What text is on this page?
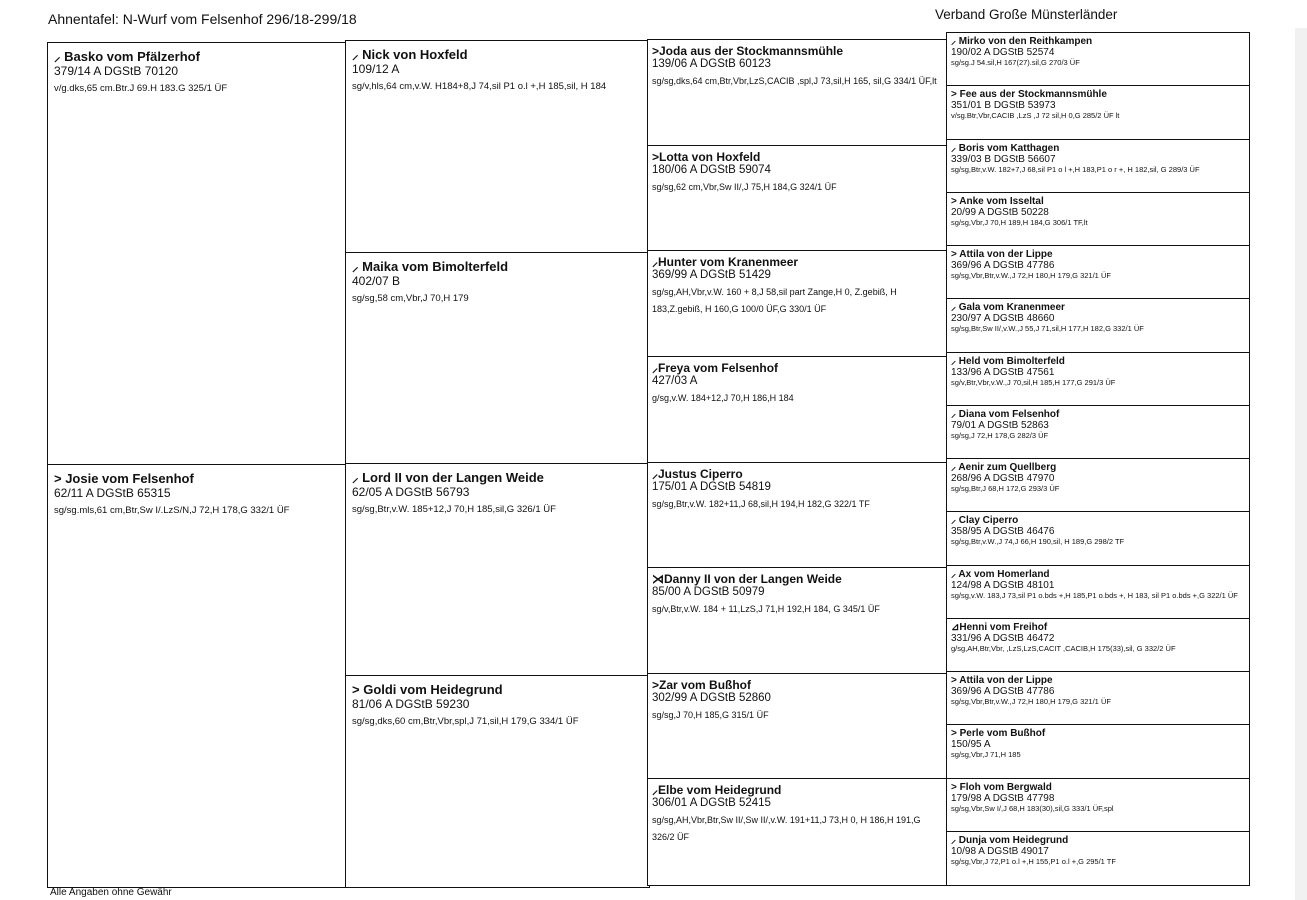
Ahnentafel: N-Wurf vom Felsenhof 296/18-299/18	Verband Große Münsterländer
⸝ Basko vom Pfälzerhof
379/14 A DGStB 70120
v/g.dks,65 cm.Btr.J 69.H 183.G 325/1 ÜF
> Josie vom Felsenhof
62/11 A DGStB 65315
sg/sg.mls,61 cm,Btr,Sw I/.LzS/N,J 72,H 178,G 332/1 ÜF
⸝ Nick von Hoxfeld
109/12 A
sg/v,hls,64 cm,v.W. H184+8,J 74,sil P1 o.l +,H 185,sil, H 184
⸝ Maika vom Bimolterfeld
402/07 B
sg/sg,58 cm,Vbr,J 70,H 179
⸝ Lord II von der Langen Weide
62/05 A DGStB 56793
sg/sg,Btr,v.W. 185+12,J 70,H 185,sil,G 326/1 ÜF
> Goldi vom Heidegrund
81/06 A DGStB 59230
sg/sg,dks,60 cm,Btr,Vbr,spl,J 71,sil,H 179,G 334/1 ÜF
>Joda aus der Stockmannsmühle
139/06 A DGStB 60123
sg/sg,dks,64 cm,Btr,Vbr,LzS,CACIB ,spl,J 73,sil,H 165, sil,G 334/1 ÜF,lt
>Lotta von Hoxfeld
180/06 A DGStB 59074
sg/sg,62 cm,Vbr,Sw II/,J 75,H 184,G 324/1 ÜF
⸝Hunter vom Kranenmeer
369/99 A DGStB 51429
sg/sg,AH,Vbr,v.W. 160 + 8,J 58,sil part Zange,H 0, Z.gebiß, H 183,Z.gebiß, H 160,G 100/0 ÜF,G 330/1 ÜF
⸝Freya vom Felsenhof
427/03 A
g/sg,v.W. 184+12,J 70,H 186,H 184
⸝Justus Ciperro
175/01 A DGStB 54819
sg/sg,Btr,v.W. 182+11,J 68,sil,H 194,H 182,G 322/1 TF
⋊Danny II von der Langen Weide
85/00 A DGStB 50979
sg/v,Btr,v.W. 184 + 11,LzS,J 71,H 192,H 184, G 345/1 ÜF
>Zar vom Bußhof
302/99 A DGStB 52860
sg/sg,J 70,H 185,G 315/1 ÜF
⸝Elbe vom Heidegrund
306/01 A DGStB 52415
sg/sg,AH,Vbr,Btr,Sw II/,Sw II/,v.W. 191+11,J 73,H 0, H 186,H 191,G 326/2 ÜF
⸝ Mirko von den Reithkampen
190/02 A DGStB 52574
sg/sg.J 54.sil,H 167(27).sil,G 270/3 ÜF
> Fee aus der Stockmannsmühle
351/01 B DGStB 53973
v/sg.Btr,Vbr,CACIB ,LzS ,J 72 sil,H 0,G 285/2 ÜF lt
⸝ Boris vom Katthagen
339/03 B DGStB 56607
sg/sg,Btr,v.W. 182+7,J 68,sil P1 o l +,H 183,P1 o r +, H 182,sil, G 289/3 ÜF
> Anke vom Isseltal
20/99 A DGStB 50228
sg/sg,Vbr,J 70,H 189,H 184,G 306/1 TF,lt
> Attila von der Lippe
369/96 A DGStB 47786
sg/sg,Vbr,Btr,v.W.,J 72,H 180,H 179,G 321/1 ÜF
⸝ Gala vom Kranenmeer
230/97 A DGStB 48660
sg/sg,Btr,Sw II/,v.W.,J 55,J 71,sil,H 177,H 182,G 332/1 ÜF
⸝ Held vom Bimolterfeld
133/96 A DGStB 47561
sg/v,Btr,Vbr,v.W.,J 70,sil,H 185,H 177,G 291/3 ÜF
⸝ Diana vom Felsenhof
79/01 A DGStB 52863
sg/sg,J 72,H 178,G 282/3 ÜF
⸝ Aenir zum Quellberg
268/96 A DGStB 47970
sg/sg,Btr,J 68,H 172,G 293/3 ÜF
⸝ Clay Ciperro
358/95 A DGStB 46476
sg/sg,Btr,v.W.,J 74,J 66,H 190,sil, H 189,G 298/2 TF
⸝ Ax vom Homerland
124/98 A DGStB 48101
sg/sg,v.W. 183,J 73,sil P1 o.bds +,H 185,P1 o.bds +, H 183, sil P1 o.bds +,G 322/1 ÜF
⊿Henni vom Freihof
331/96 A DGStB 46472
g/sg,AH,Btr,Vbr, ,LzS,LzS,CACIT ,CACIB,H 175(33),sil, G 332/2 ÜF
> Attila von der Lippe
369/96 A DGStB 47786
sg/sg,Vbr,Btr,v.W.,J 72,H 180,H 179,G 321/1 ÜF
> Perle vom Bußhof
150/95 A
sg/sg,Vbr,J 71,H 185
> Floh vom Bergwald
179/98 A DGStB 47798
sg/sg,Vbr,Sw I/,J 68,H 183(30),sil,G 333/1 ÜF,spl
⸝ Dunja vom Heidegrund
10/98 A DGStB 49017
sg/sg,Vbr,J 72,P1 o.l +,H 155,P1 o.l +,G 295/1 TF
Alle Angaben ohne Gewähr
